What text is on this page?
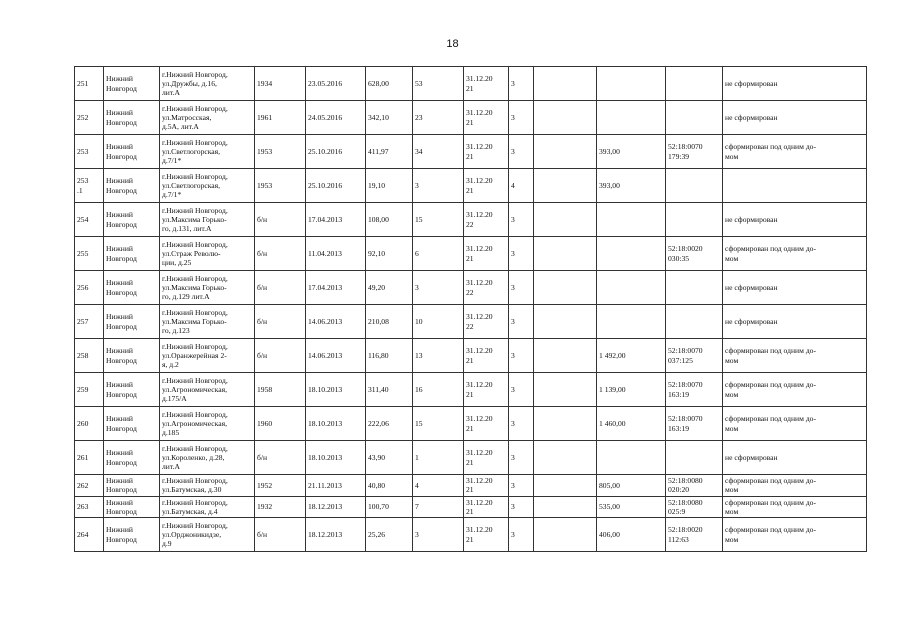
18
251	Нижний
Новгород	г.Нижний Новгород,
ул.Дружбы, д.16,
лит.А	1934	23.05.2016	628,00	53	31.12.20
21	3				не сформирован
252	Нижний
Новгород	г.Нижний Новгород,
ул.Матросская,
д.5А, лит.А	1961	24.05.2016	342,10	23	31.12.20
21	3				не сформирован
253	Нижний
Новгород	г.Нижний Новгород,
ул.Светлогорская,
д.7/1*	1953	25.10.2016	411,97	34	31.12.20
21	3		393,00	52:18:0070
179:39	сформирован под одним до-
мом
253
.1	Нижний
Новгород	г.Нижний Новгород,
ул.Светлогорская,
д.7/1*	1953	25.10.2016	19,10	3	31.12.20
21	4		393,00		
254	Нижний
Новгород	г.Нижний Новгород,
ул.Максима Горько-
го, д.131, лит.А	б/н	17.04.2013	108,00	15	31.12.20
22	3				не сформирован
255	Нижний
Новгород	г.Нижний Новгород,
ул.Страж Револю-
ции, д.25	б/н	11.04.2013	92,10	6	31.12.20
21	3			52:18:0020
030:35	сформирован под одним до-
мом
256	Нижний
Новгород	г.Нижний Новгород,
ул.Максима Горько-
го, д.129 лит.А	б/н	17.04.2013	49,20	3	31.12.20
22	3				не сформирован
257	Нижний
Новгород	г.Нижний Новгород,
ул.Максима Горько-
го, д.123	б/н	14.06.2013	210,08	10	31.12.20
22	3				не сформирован
258	Нижний
Новгород	г.Нижний Новгород,
ул.Оранжерейная 2-
я, д.2	б/н	14.06.2013	116,80	13	31.12.20
21	3		1 492,00	52:18:0070
037:125	сформирован под одним до-
мом
259	Нижний
Новгород	г.Нижний Новгород,
ул.Агрономическая,
д.175/А	1958	18.10.2013	311,40	16	31.12.20
21	3		1 139,00	52:18:0070
163:19	сформирован под одним до-
мом
260	Нижний
Новгород	г.Нижний Новгород,
ул.Агрономическая,
д.185	1960	18.10.2013	222,06	15	31.12.20
21	3		1 460,00	52:18:0070
163:19	сформирован под одним до-
мом
261	Нижний
Новгород	г.Нижний Новгород,
ул.Короленко, д.28,
лит.А	б/н	18.10.2013	43,90	1	31.12.20
21	3				не сформирован
262	Нижний
Новгород	г.Нижний Новгород,
ул.Батумская, д.30	1952	21.11.2013	40,80	4	31.12.20
21	3		805,00	52:18:0080
020:20	сформирован под одним до-
мом
263	Нижний
Новгород	г.Нижний Новгород,
ул.Батумская, д.4	1932	18.12.2013	100,70	7	31.12.20
21	3		535,00	52:18:0080
025:9	сформирован под одним до-
мом
264	Нижний
Новгород	г.Нижний Новгород,
ул.Орджоникидзе,
д.9	б/н	18.12.2013	25,26	3	31.12.20
21	3		406,00	52:18:0020
112:63	сформирован под одним до-
мом
